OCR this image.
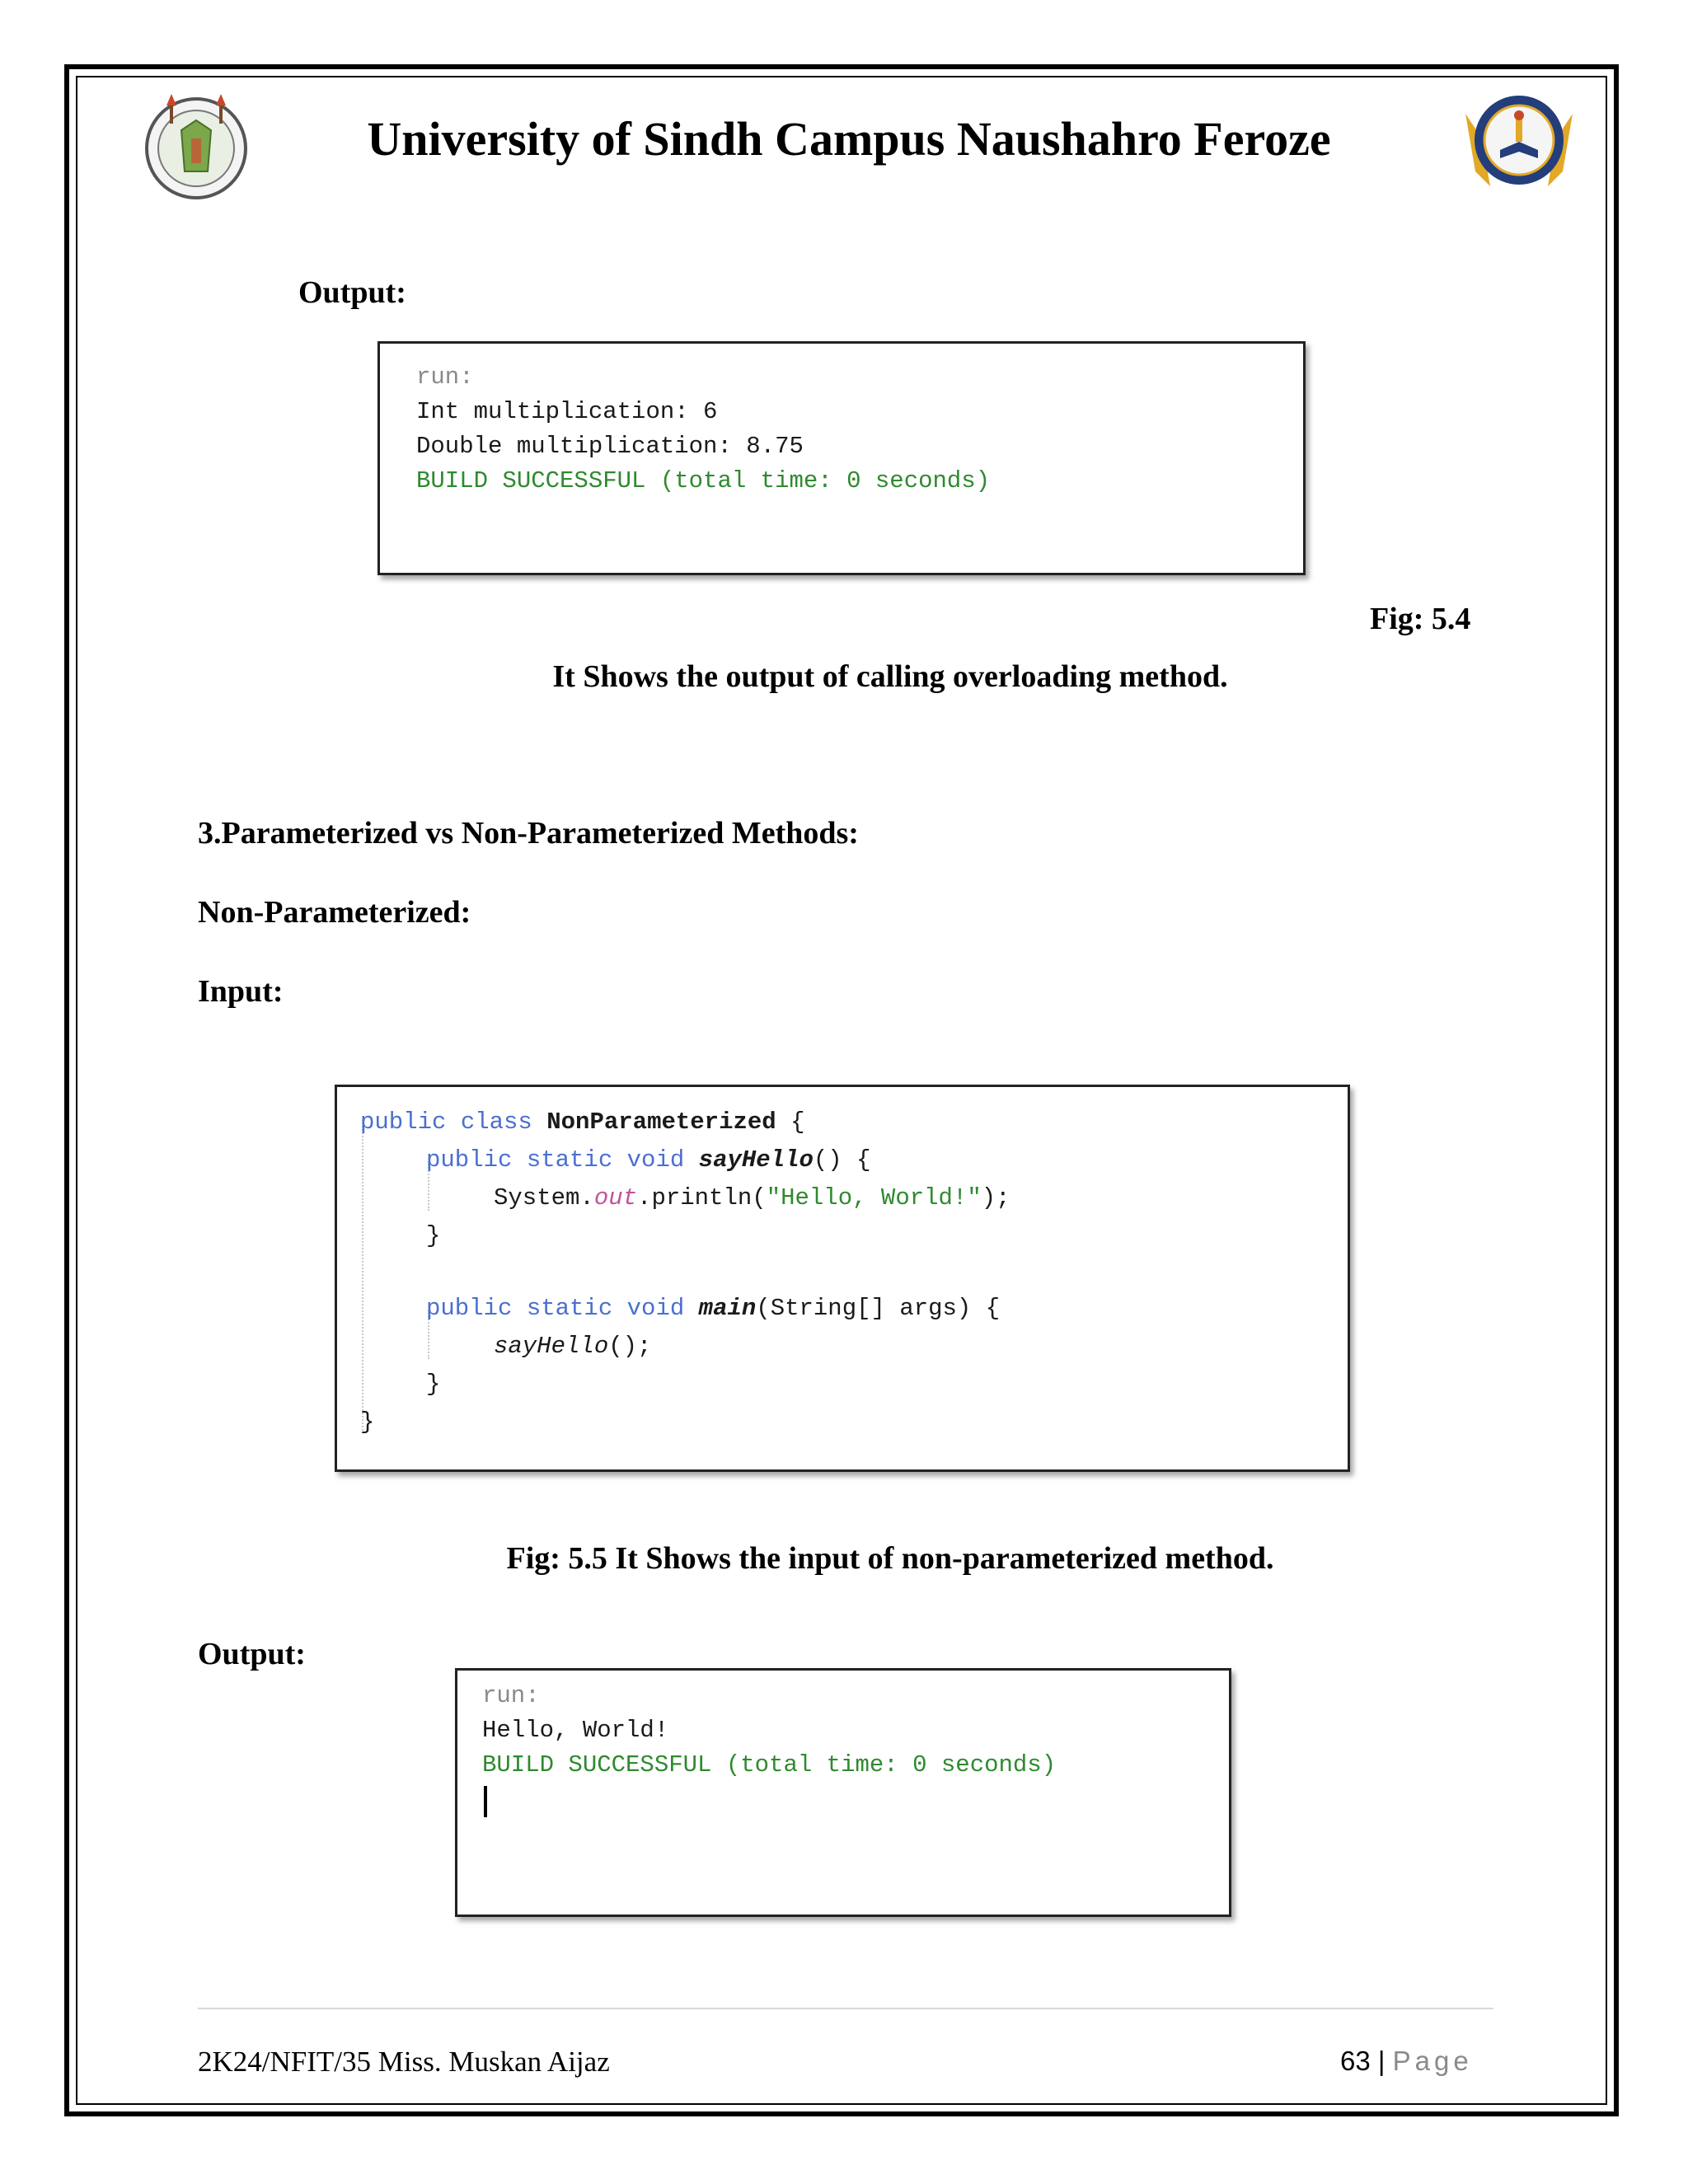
University of Sindh Campus Naushahro Feroze
Output:
run:
Int multiplication: 6
Double multiplication: 8.75
BUILD SUCCESSFUL (total time: 0 seconds)
Fig: 5.4
It Shows the output of calling overloading method.
3.Parameterized vs Non-Parameterized Methods:
Non-Parameterized:
Input:
public class NonParameterized {
public static void sayHello() {
System.out.println("Hello, World!");
}
public static void main(String[] args) {
sayHello();
}
}
Fig: 5.5 It Shows the input of non-parameterized method.
Output:
run:
Hello, World!
BUILD SUCCESSFUL (total time: 0 seconds)
2K24/NFIT/35 Miss. Muskan Aijaz	63 | Page
